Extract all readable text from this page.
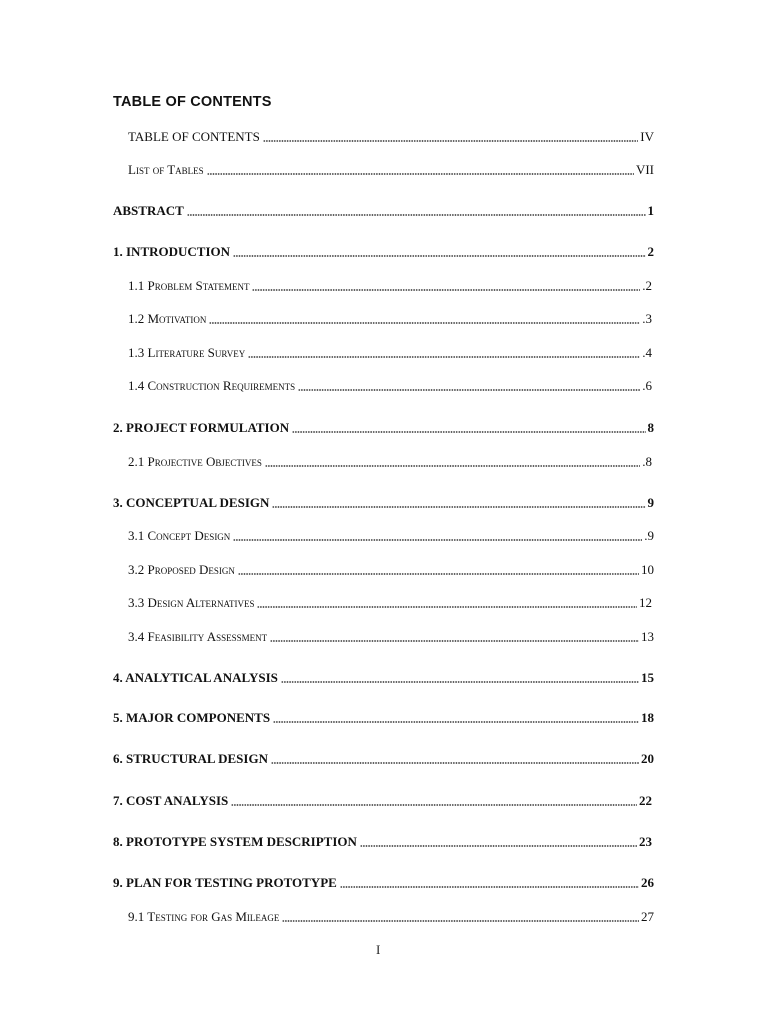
TABLE OF CONTENTS
TABLE OF CONTENTS	IV
List of Tables	VII
ABSTRACT	1
1. INTRODUCTION	2
1.1 Problem Statement	.2
1.2 Motivation	.3
1.3 Literature Survey	.4
1.4 Construction Requirements	.6
2. PROJECT FORMULATION	8
2.1 Projective Objectives	.8
3. CONCEPTUAL DESIGN	9
3.1 Concept Design	.9
3.2 Proposed Design	10
3.3 Design Alternatives	12
3.4 Feasibility Assessment	13
4. ANALYTICAL ANALYSIS	15
5. MAJOR COMPONENTS	18
6. STRUCTURAL DESIGN	20
7. COST ANALYSIS	22
8. PROTOTYPE SYSTEM DESCRIPTION	23
9. PLAN FOR TESTING PROTOTYPE	26
9.1 Testing for Gas Mileage	27
I
